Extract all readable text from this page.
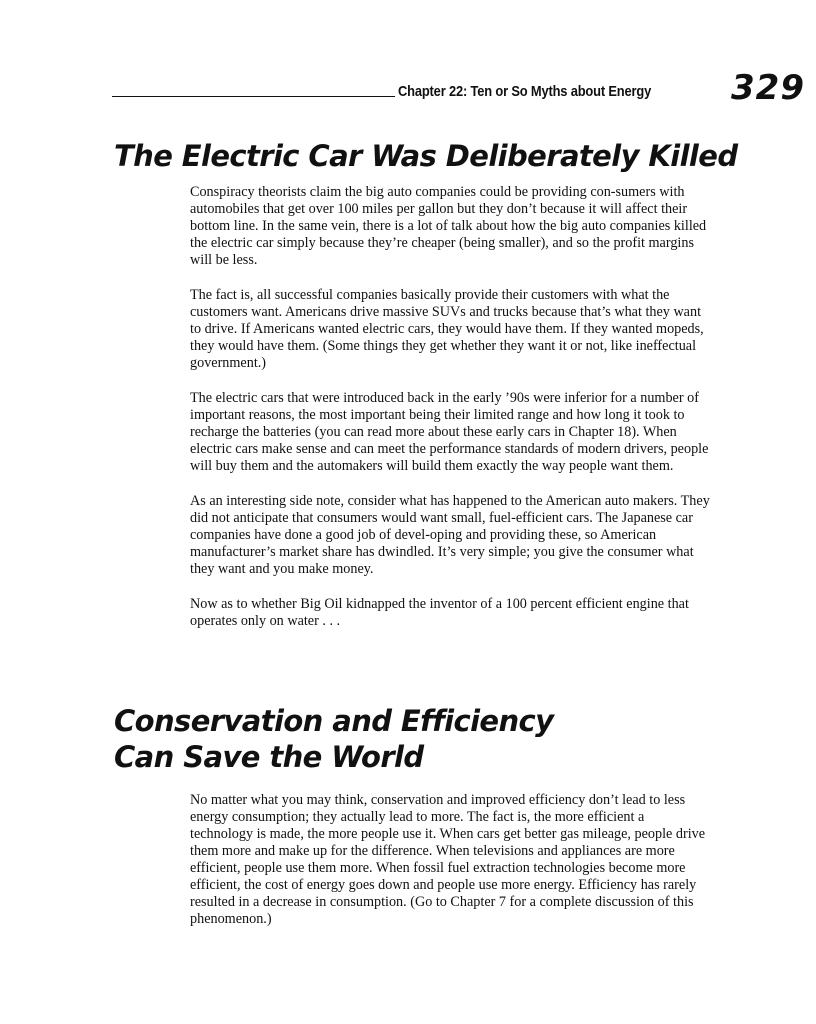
Chapter 22: Ten or So Myths about Energy 329
The Electric Car Was Deliberately Killed

Conspiracy theorists claim the big auto companies could be providing con-sumers with automobiles that get over 100 miles per gallon but they don’t because it will affect their bottom line. In the same vein, there is a lot of talk about how the big auto companies killed the electric car simply because they’re cheaper (being smaller), and so the profit margins will be less.

The fact is, all successful companies basically provide their customers with what the customers want. Americans drive massive SUVs and trucks because that’s what they want to drive. If Americans wanted electric cars, they would have them. If they wanted mopeds, they would have them. (Some things they get whether they want it or not, like ineffectual government.)

The electric cars that were introduced back in the early ’90s were inferior for a number of important reasons, the most important being their limited range and how long it took to recharge the batteries (you can read more about these early cars in Chapter 18). When electric cars make sense and can meet the performance standards of modern drivers, people will buy them and the automakers will build them exactly the way people want them.

As an interesting side note, consider what has happened to the American auto makers. They did not anticipate that consumers would want small, fuel-efficient cars. The Japanese car companies have done a good job of devel-oping and providing these, so American manufacturer’s market share has dwindled. It’s very simple; you give the consumer what they want and you make money.

Now as to whether Big Oil kidnapped the inventor of a 100 percent efficient engine that operates only on water . . .

Conservation and Efficiency
Can Save the World

No matter what you may think, conservation and improved efficiency don’t lead to less energy consumption; they actually lead to more. The fact is, the more efficient a technology is made, the more people use it. When cars get better gas mileage, people drive them more and make up for the difference. When televisions and appliances are more efficient, people use them more. When fossil fuel extraction technologies become more efficient, the cost of energy goes down and people use more energy. Efficiency has rarely resulted in a decrease in consumption. (Go to Chapter 7 for a complete discussion of this phenomenon.)
